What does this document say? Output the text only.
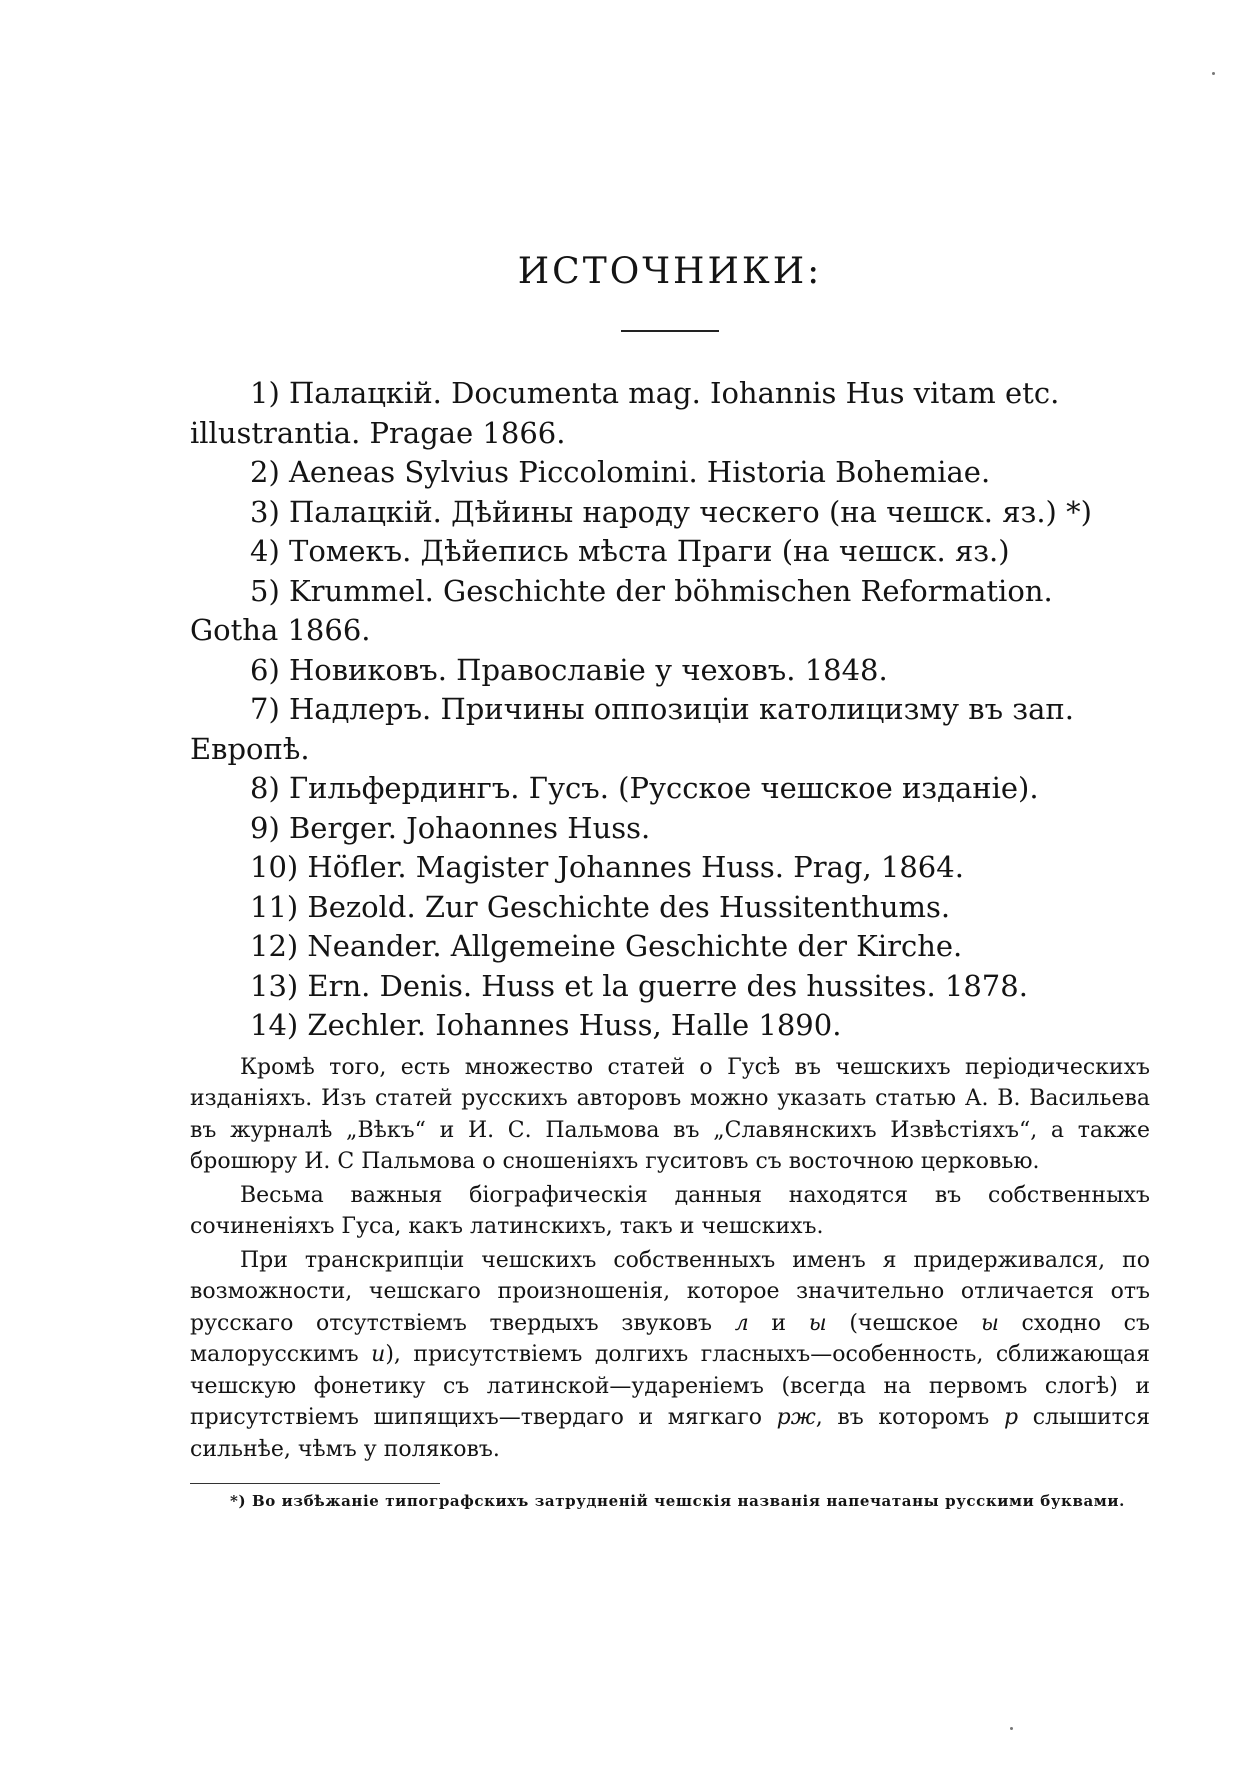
ИСТОЧНИКИ:
1) Палацкій. Documenta mag. Iohannis Hus vitam etc. illustrantia. Pragae 1866.
2) Aeneas Sylvius Piccolomini. Historia Bohemiae.
3) Палацкій. Дѣйины народу ческего (на чешск. яз.) *)
4) Томекъ. Дѣйепись мѣста Праги (на чешск. яз.)
5) Krummel. Geschichte der böhmischen Reformation. Gotha 1866.
6) Новиковъ. Православіе у чеховъ. 1848.
7) Надлеръ. Причины оппозиціи католицизму въ зап. Европѣ.
8) Гильфердингъ. Гусъ. (Русское чешское изданіе).
9) Berger. Johaonnes Huss.
10) Höfler. Magister Johannes Huss. Prag, 1864.
11) Bezold. Zur Geschichte des Hussitenthums.
12) Neander. Allgemeine Geschichte der Kirche.
13) Ern. Denis. Huss et la guerre des hussites. 1878.
14) Zechler. Iohannes Huss, Halle 1890.

Кромѣ того, есть множество статей о Гусѣ въ чешскихъ періодическихъ изданіяхъ. Изъ статей русскихъ авторовъ можно указать статью А. В. Васильева въ журналѣ „Вѣкъ“ и И. С. Пальмова въ „Славянскихъ Извѣстіяхъ“, а также брошюру И. С Пальмова о сношеніяхъ гуситовъ съ восточною церковью.

Весьма важныя біографическія данныя находятся въ собственныхъ сочиненіяхъ Гуса, какъ латинскихъ, такъ и чешскихъ.

При транскрипціи чешскихъ собственныхъ именъ я придерживался, по возможности, чешскаго произношенія, которое значительно отличается отъ русскаго отсутствіемъ твердыхъ звуковъ л и ы (чешское ы сходно съ малорусскимъ и), присутствіемъ долгихъ гласныхъ—особенность, сближающая чешскую фонетику съ латинской—удареніемъ (всегда на первомъ слогѣ) и присутствіемъ шипящихъ—твердаго и мягкаго рж, въ которомъ р слышится сильнѣе, чѣмъ у поляковъ.

*) Во избѣжаніе типографскихъ затрудненій чешскія названія напечатаны русскими буквами.
